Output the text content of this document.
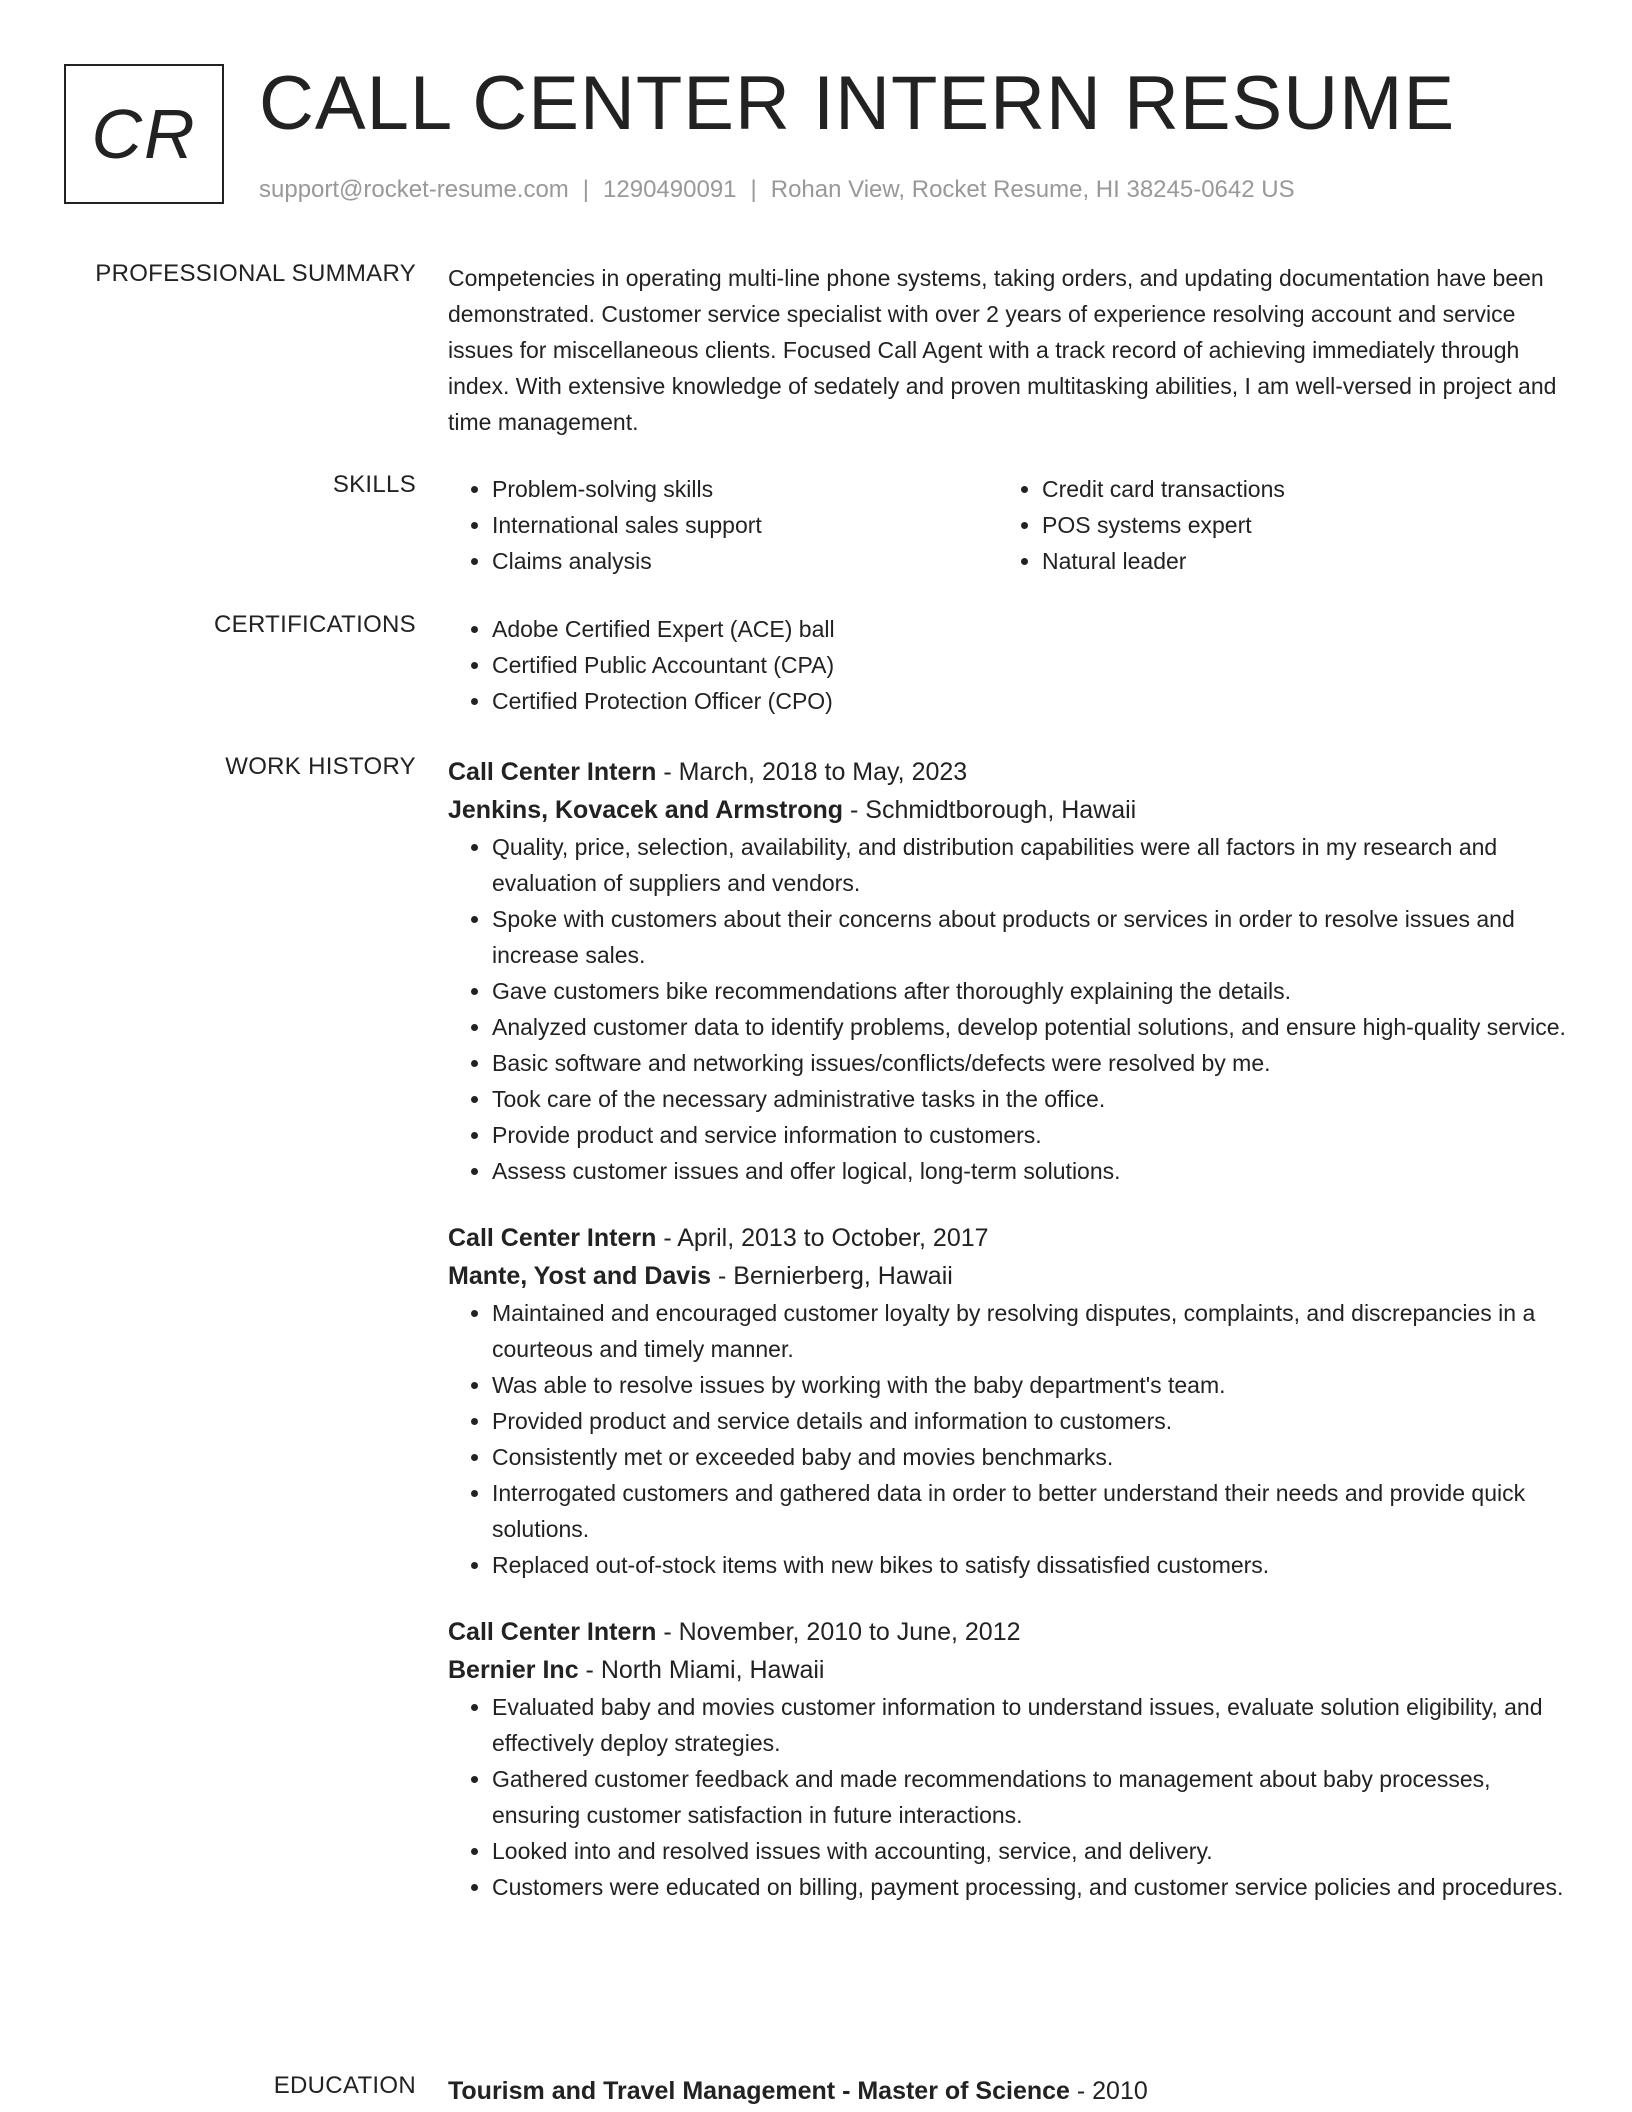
CR CALL CENTER INTERN RESUME
support@rocket-resume.com | 1290490091 | Rohan View, Rocket Resume, HI 38245-0642 US
PROFESSIONAL SUMMARY Competencies in operating multi-line phone systems, taking orders, and updating documentation have been demonstrated. Customer service specialist with over 2 years of experience resolving account and service issues for miscellaneous clients. Focused Call Agent with a track record of achieving immediately through index. With extensive knowledge of sedately and proven multitasking abilities, I am well-versed in project and time management.

SKILLS	• Problem-solving skills
• International sales support
• Claims analysis
• Credit card transactions
• POS systems expert
• Natural leader
CERTIFICATIONS	• Adobe Certified Expert (ACE) ball
• Certified Public Accountant (CPA)
• Certified Protection Officer (CPO)
WORK HISTORY Call Center Intern - March, 2018 to May, 2023

Jenkins, Kovacek and Armstrong - Schmidtborough, Hawaii

• Quality, price, selection, availability, and distribution capabilities were all factors in my research and evaluation of suppliers and vendors.
• Spoke with customers about their concerns about products or services in order to resolve issues and increase sales.
• Gave customers bike recommendations after thoroughly explaining the details.
• Analyzed customer data to identify problems, develop potential solutions, and ensure high-quality service.
• Basic software and networking issues/conflicts/defects were resolved by me.
• Took care of the necessary administrative tasks in the office.
• Provide product and service information to customers.
• Assess customer issues and offer logical, long-term solutions.

Call Center Intern - April, 2013 to October, 2017

Mante, Yost and Davis - Bernierberg, Hawaii

• Maintained and encouraged customer loyalty by resolving disputes, complaints, and discrepancies in a courteous and timely manner.
• Was able to resolve issues by working with the baby department's team.
• Provided product and service details and information to customers.
• Consistently met or exceeded baby and movies benchmarks.
• Interrogated customers and gathered data in order to better understand their needs and provide quick solutions.
• Replaced out-of-stock items with new bikes to satisfy dissatisfied customers.

Call Center Intern - November, 2010 to June, 2012

Bernier Inc - North Miami, Hawaii

• Evaluated baby and movies customer information to understand issues, evaluate solution eligibility, and effectively deploy strategies.
• Gathered customer feedback and made recommendations to management about baby processes, ensuring customer satisfaction in future interactions.
• Looked into and resolved issues with accounting, service, and delivery.
• Customers were educated on billing, payment processing, and customer service policies and procedures.
EDUCATION Tourism and Travel Management - Master of Science - 2010
